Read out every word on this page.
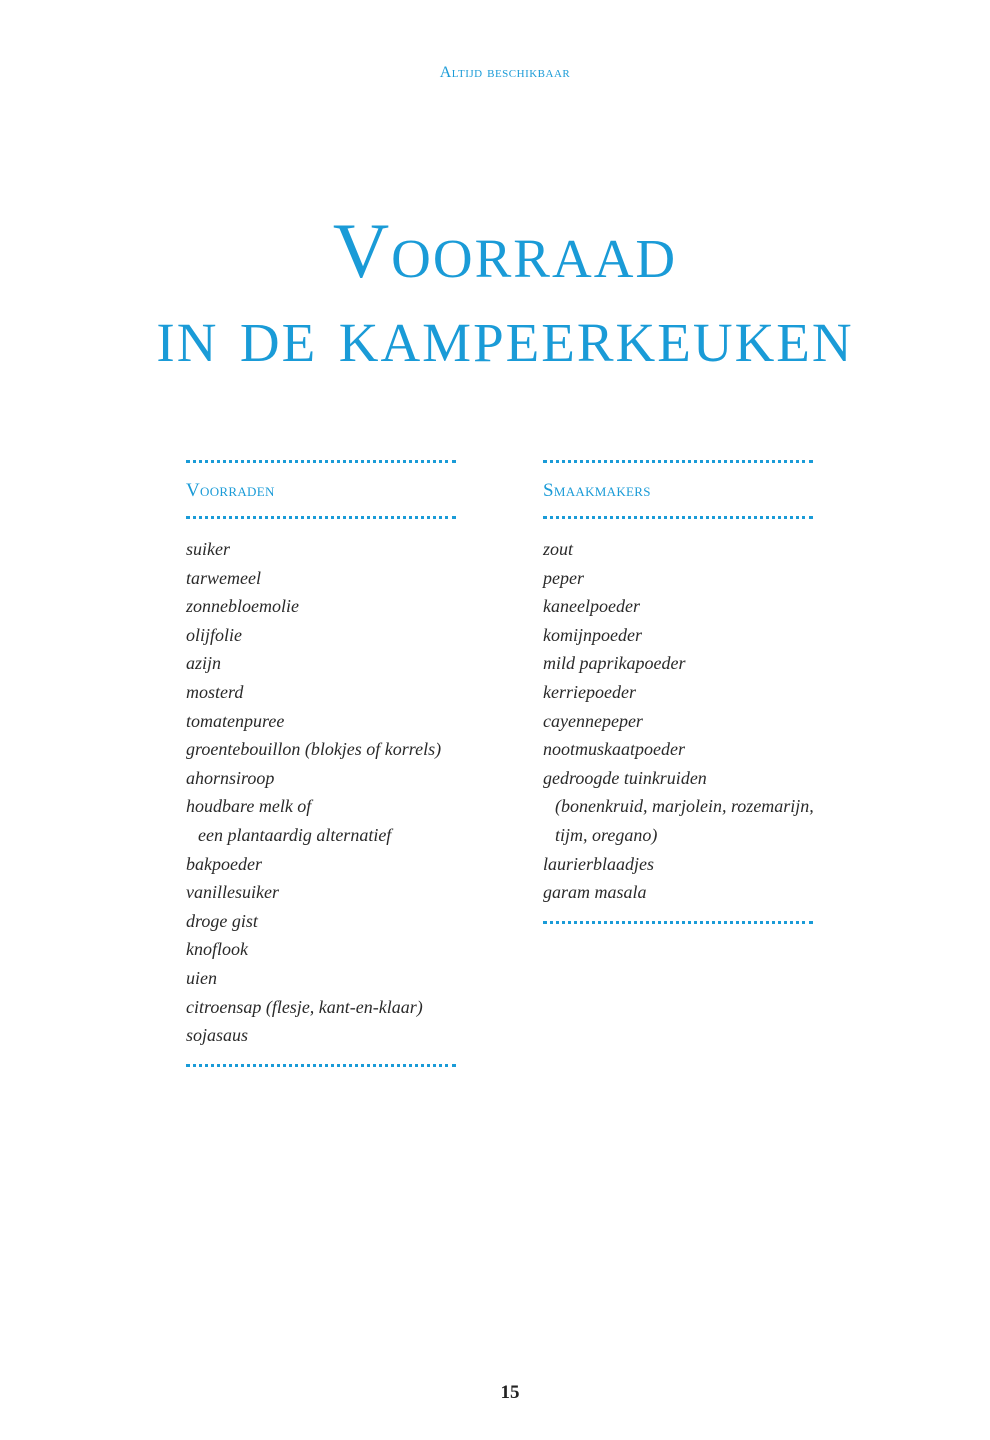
Altijd beschikbaar
Voorraad
in de kampeerkeuken
Voorraden
suiker
tarwemeel
zonnebloemolie
olijfolie
azijn
mosterd
tomatenpuree
groentebouillon (blokjes of korrels)
ahornsiroop
houdbare melk of
een plantaardig alternatief
bakpoeder
vanillesuiker
droge gist
knoflook
uien
citroensap (flesje, kant-en-klaar)
sojasaus
Smaakmakers
zout
peper
kaneelpoeder
komijnpoeder
mild paprikapoeder
kerriepoeder
cayennepeper
nootmuskaatpoeder
gedroogde tuinkruiden
(bonenkruid, marjolein, rozemarijn,
tijm, oregano)
laurierblaadjes
garam masala
15
